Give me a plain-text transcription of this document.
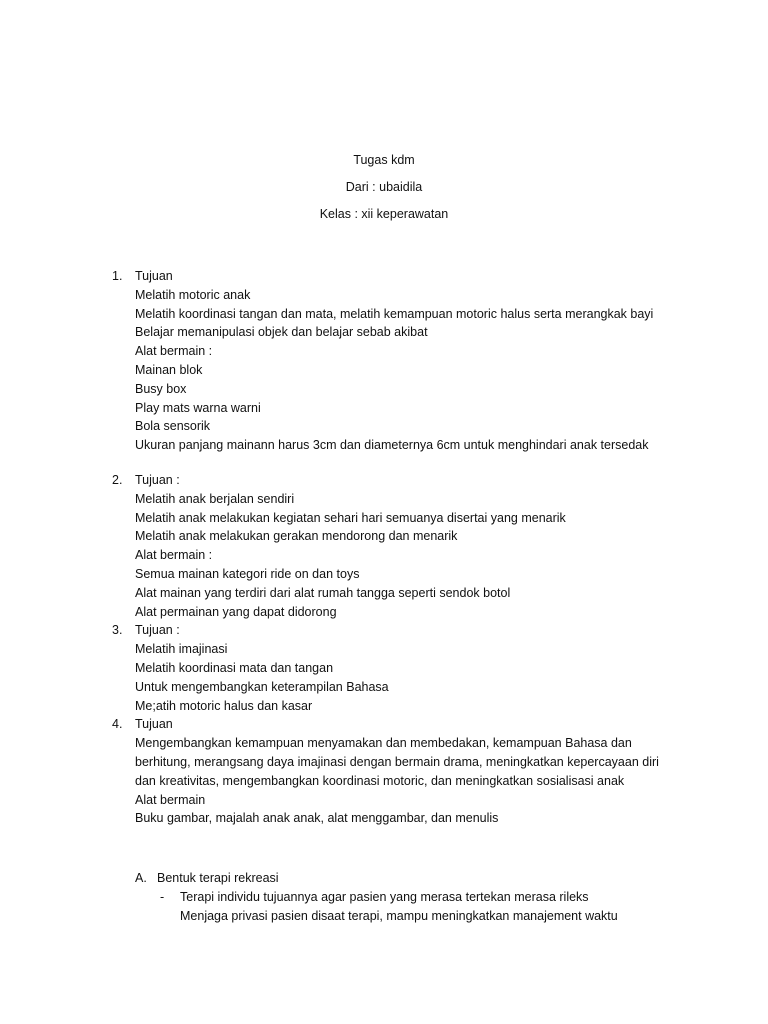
Tugas kdm
Dari : ubaidila
Kelas : xii keperawatan
1. Tujuan
Melatih motoric anak
Melatih koordinasi tangan dan mata, melatih kemampuan motoric halus serta merangkak bayi
Belajar memanipulasi objek dan belajar sebab akibat
Alat bermain :
Mainan blok
Busy box
Play mats warna warni
Bola sensorik
Ukuran panjang mainann harus 3cm dan diameternya 6cm untuk menghindari anak tersedak
2. Tujuan :
Melatih anak berjalan sendiri
Melatih anak melakukan kegiatan sehari hari semuanya disertai yang menarik
Melatih anak melakukan gerakan mendorong dan menarik
Alat bermain :
Semua mainan kategori ride on dan toys
Alat mainan yang terdiri dari alat rumah tangga seperti sendok botol
Alat permainan yang dapat didorong
3. Tujuan :
Melatih imajinasi
Melatih koordinasi mata dan tangan
Untuk mengembangkan keterampilan Bahasa
Me;atih motoric halus dan kasar
4. Tujuan
Mengembangkan kemampuan menyamakan dan membedakan, kemampuan Bahasa dan
berhitung, merangsang daya imajinasi dengan bermain drama, meningkatkan kepercayaan diri
dan kreativitas, mengembangkan koordinasi motoric, dan meningkatkan sosialisasi anak
Alat bermain
Buku gambar, majalah anak anak, alat menggambar, dan menulis
A. Bentuk terapi rekreasi
- Terapi individu tujuannya agar pasien yang merasa tertekan merasa rileks
Menjaga privasi pasien disaat terapi, mampu meningkatkan manajement waktu
